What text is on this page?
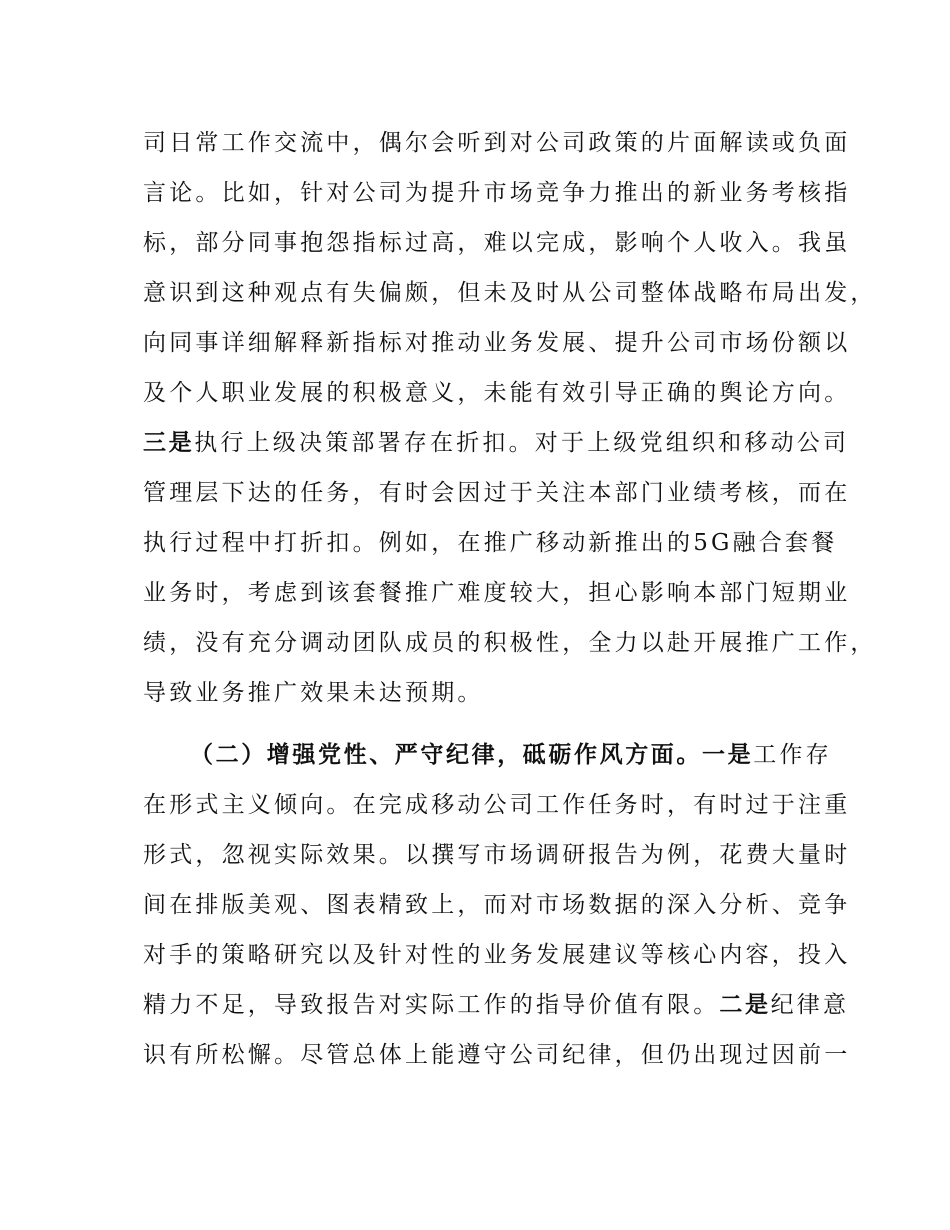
司日常工作交流中，偶尔会听到对公司政策的片面解读或负面
言论。比如，针对公司为提升市场竞争力推出的新业务考核指
标，部分同事抱怨指标过高，难以完成，影响个人收入。我虽
意识到这种观点有失偏颇，但未及时从公司整体战略布局出发，
向同事详细解释新指标对推动业务发展、提升公司市场份额以
及个人职业发展的积极意义，未能有效引导正确的舆论方向。
三是执行上级决策部署存在折扣。对于上级党组织和移动公司
管理层下达的任务，有时会因过于关注本部门业绩考核，而在
执行过程中打折扣。例如，在推广移动新推出的5G融合套餐
业务时，考虑到该套餐推广难度较大，担心影响本部门短期业
绩，没有充分调动团队成员的积极性，全力以赴开展推广工作，
导致业务推广效果未达预期。
（二）增强党性、严守纪律，砥砺作风方面。一是工作存
在形式主义倾向。在完成移动公司工作任务时，有时过于注重
形式，忽视实际效果。以撰写市场调研报告为例，花费大量时
间在排版美观、图表精致上，而对市场数据的深入分析、竞争
对手的策略研究以及针对性的业务发展建议等核心内容，投入
精力不足，导致报告对实际工作的指导价值有限。二是纪律意
识有所松懈。尽管总体上能遵守公司纪律，但仍出现过因前一
